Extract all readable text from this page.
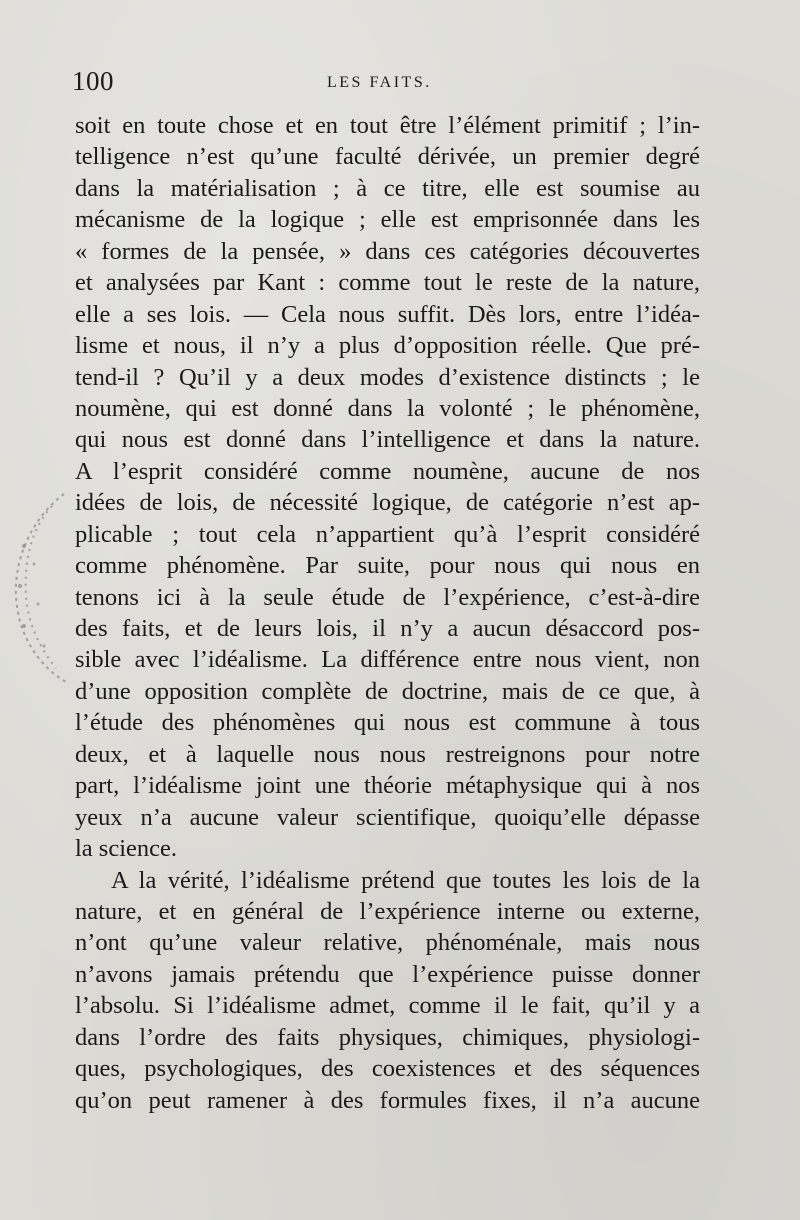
100	LES FAITS.
soit en toute chose et en tout être l’élément primitif ; l’in-
telligence n’est qu’une faculté dérivée, un premier degré
dans la matérialisation ; à ce titre, elle est soumise au
mécanisme de la logique ; elle est emprisonnée dans les
« formes de la pensée, » dans ces catégories découvertes
et analysées par Kant : comme tout le reste de la nature,
elle a ses lois. — Cela nous suffit. Dès lors, entre l’idéa-
lisme et nous, il n’y a plus d’opposition réelle. Que pré-
tend-il ? Qu’il y a deux modes d’existence distincts ; le
noumène, qui est donné dans la volonté ; le phénomène,
qui nous est donné dans l’intelligence et dans la nature.
A l’esprit considéré comme noumène, aucune de nos
idées de lois, de nécessité logique, de catégorie n’est ap-
plicable ; tout cela n’appartient qu’à l’esprit considéré
comme phénomène. Par suite, pour nous qui nous en
tenons ici à la seule étude de l’expérience, c’est-à-dire
des faits, et de leurs lois, il n’y a aucun désaccord pos-
sible avec l’idéalisme. La différence entre nous vient, non
d’une opposition complète de doctrine, mais de ce que, à
l’étude des phénomènes qui nous est commune à tous
deux, et à laquelle nous nous restreignons pour notre
part, l’idéalisme joint une théorie métaphysique qui à nos
yeux n’a aucune valeur scientifique, quoiqu’elle dépasse
la science.
A la vérité, l’idéalisme prétend que toutes les lois de la
nature, et en général de l’expérience interne ou externe,
n’ont qu’une valeur relative, phénoménale, mais nous
n’avons jamais prétendu que l’expérience puisse donner
l’absolu. Si l’idéalisme admet, comme il le fait, qu’il y a
dans l’ordre des faits physiques, chimiques, physiologi-
ques, psychologiques, des coexistences et des séquences
qu’on peut ramener à des formules fixes, il n’a aucune
